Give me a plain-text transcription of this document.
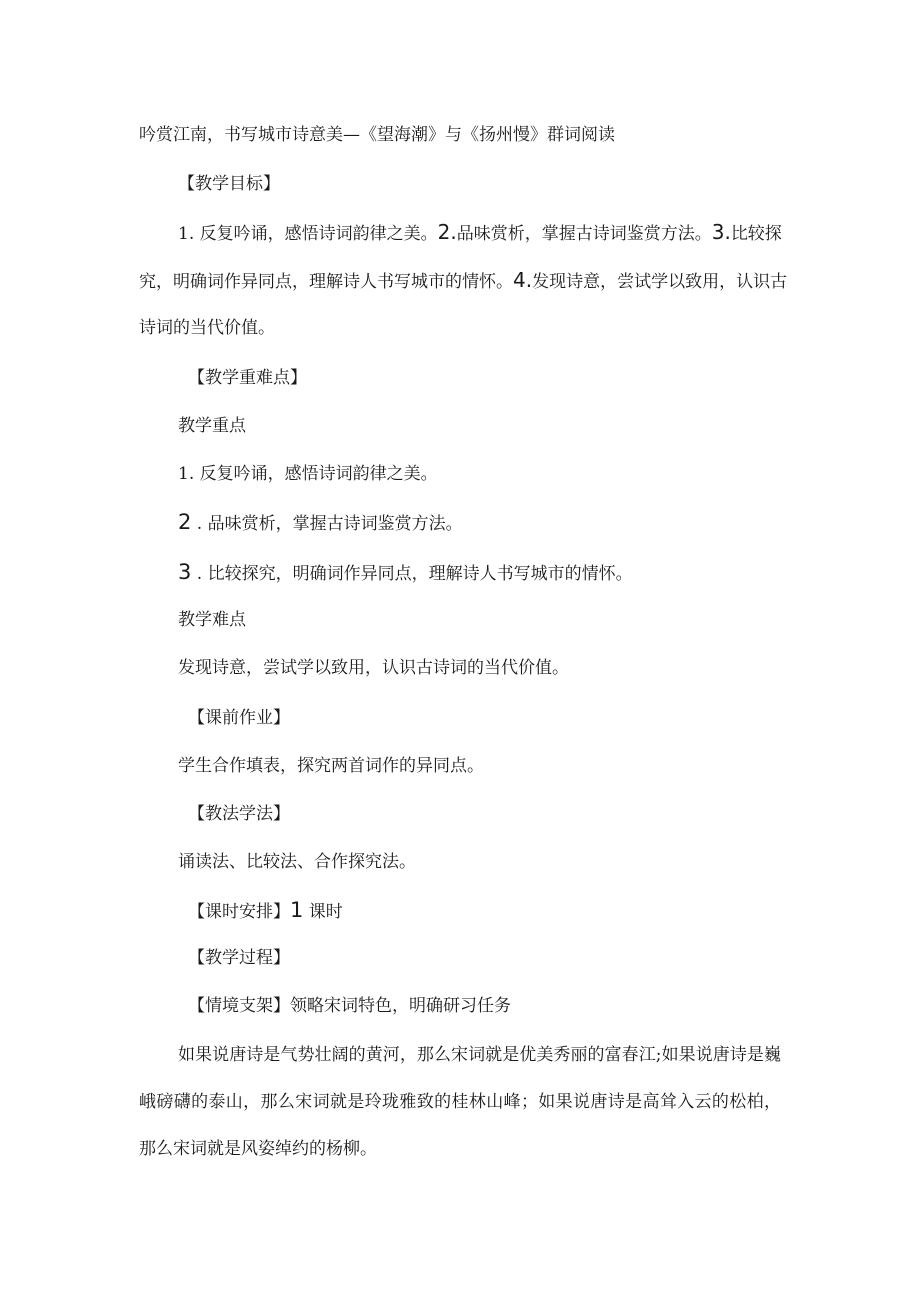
吟赏江南，书写城市诗意美—《望海潮》与《扬州慢》群词阅读
【教学目标】
1. 反复吟诵，感悟诗词韵律之美。2.品味赏析，掌握古诗词鉴赏方法。3.比较探
究，明确词作异同点，理解诗人书写城市的情怀。4.发现诗意，尝试学以致用，认识古
诗词的当代价值。
【教学重难点】
教学重点
1. 反复吟诵，感悟诗词韵律之美。
2 . 品味赏析，掌握古诗词鉴赏方法。
3 . 比较探究，明确词作异同点，理解诗人书写城市的情怀。
教学难点
发现诗意，尝试学以致用，认识古诗词的当代价值。
【课前作业】
学生合作填表，探究两首词作的异同点。
【教法学法】
诵读法、比较法、合作探究法。
【课时安排】1 课时
【教学过程】
【情境支架】领略宋词特色，明确研习任务
如果说唐诗是气势壮阔的黄河，那么宋词就是优美秀丽的富春江;如果说唐诗是巍峨磅礴的泰山，那么宋词就是玲珑雅致的桂林山峰；如果说唐诗是高耸入云的松柏，那么宋词就是风姿绰约的杨柳。
